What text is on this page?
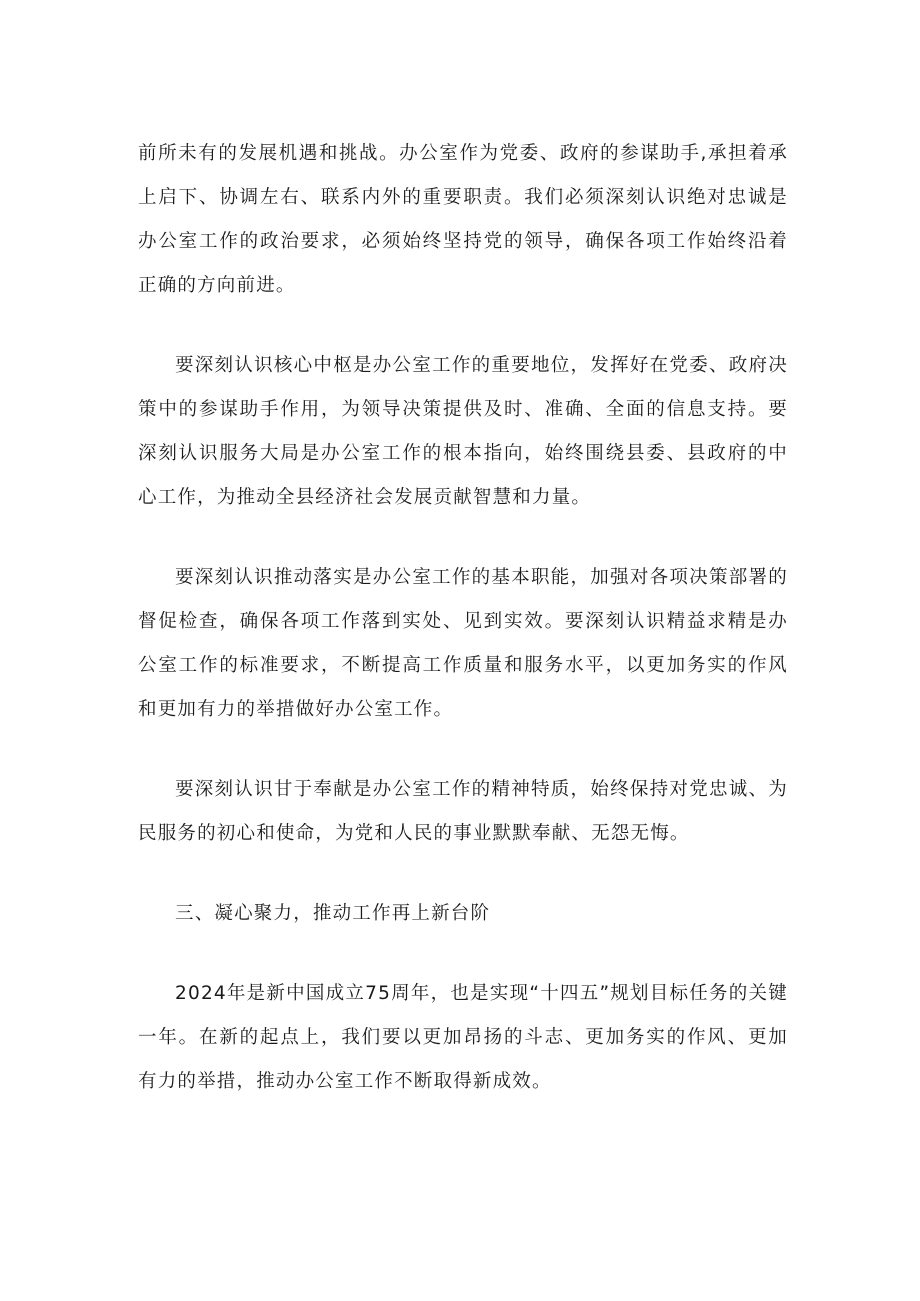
前所未有的发展机遇和挑战。办公室作为党委、政府的参谋助手,承担着承上启下、协调左右、联系内外的重要职责。我们必须深刻认识绝对忠诚是办公室工作的政治要求，必须始终坚持党的领导，确保各项工作始终沿着正确的方向前进。

要深刻认识核心中枢是办公室工作的重要地位，发挥好在党委、政府决策中的参谋助手作用，为领导决策提供及时、准确、全面的信息支持。要深刻认识服务大局是办公室工作的根本指向，始终围绕县委、县政府的中心工作，为推动全县经济社会发展贡献智慧和力量。

要深刻认识推动落实是办公室工作的基本职能，加强对各项决策部署的督促检查，确保各项工作落到实处、见到实效。要深刻认识精益求精是办公室工作的标准要求，不断提高工作质量和服务水平，以更加务实的作风和更加有力的举措做好办公室工作。

要深刻认识甘于奉献是办公室工作的精神特质，始终保持对党忠诚、为民服务的初心和使命，为党和人民的事业默默奉献、无怨无悔。

三、凝心聚力，推动工作再上新台阶

2024年是新中国成立75周年，也是实现“十四五”规划目标任务的关键一年。在新的起点上，我们要以更加昂扬的斗志、更加务实的作风、更加有力的举措，推动办公室工作不断取得新成效。
